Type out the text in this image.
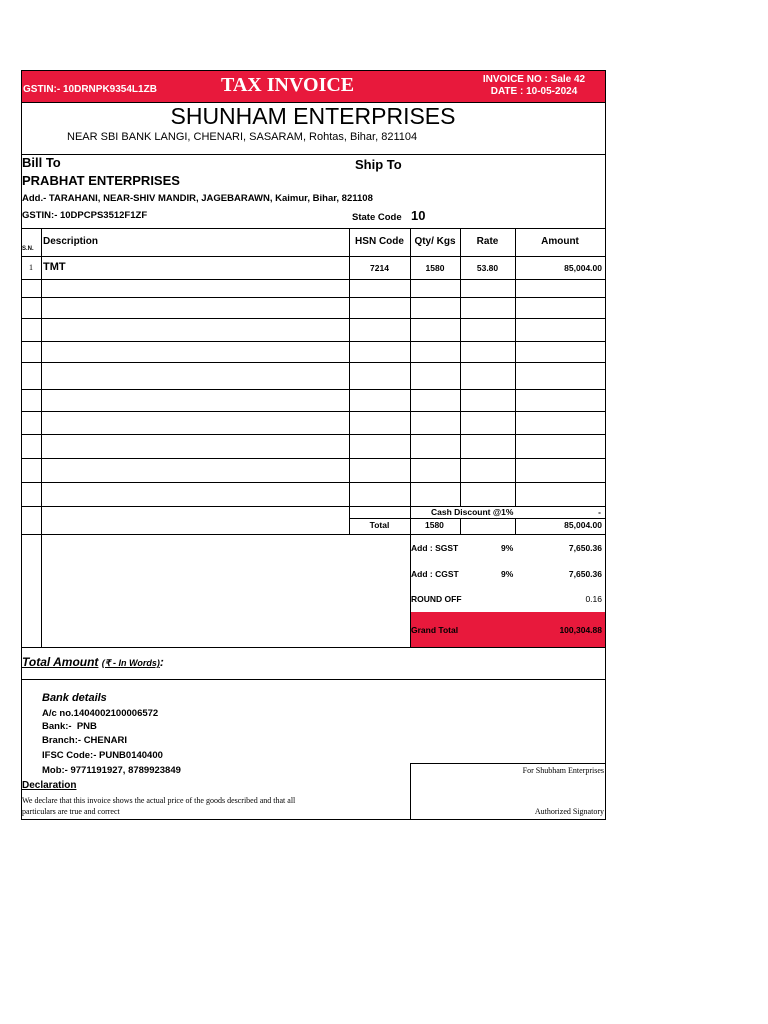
GSTIN:- 10DRNPK9354L1ZB	TAX INVOICE	INVOICE NO : Sale 42
DATE : 10-05-2024
SHUNHAM ENTERPRISES
NEAR SBI BANK LANGI, CHENARI, SASARAM, Rohtas, Bihar, 821104
Bill To	Ship To
PRABHAT ENTERPRISES
Add.- TARAHANI, NEAR-SHIV MANDIR, JAGEBARAWN, Kaimur, Bihar, 821108
GSTIN:- 10DPCPS3512F1ZF	State Code 10
S.N.
Description	HSN Code	Qty/ Kgs	Rate	Amount
1 TMT	7214	1580	53.80	85,004.00
Cash Discount @1%	-
Total	1580	85,004.00
Add : SGST	9%	7,650.36
Add : CGST	9%	7,650.36
ROUND OFF	0.16
Grand Total	100,304.88
Total Amount (₹ - In Words):
Bank details
A/c no.1404002100006572
Bank:-  PNB
Branch:- CHENARI
IFSC Code:- PUNB0140400
Mob:- 9771191927, 8789923849
Declaration
We declare that this invoice shows the actual price of the goods described and that all
particulars are true and correct
For Shubham Enterprises
Authorized Signatory
